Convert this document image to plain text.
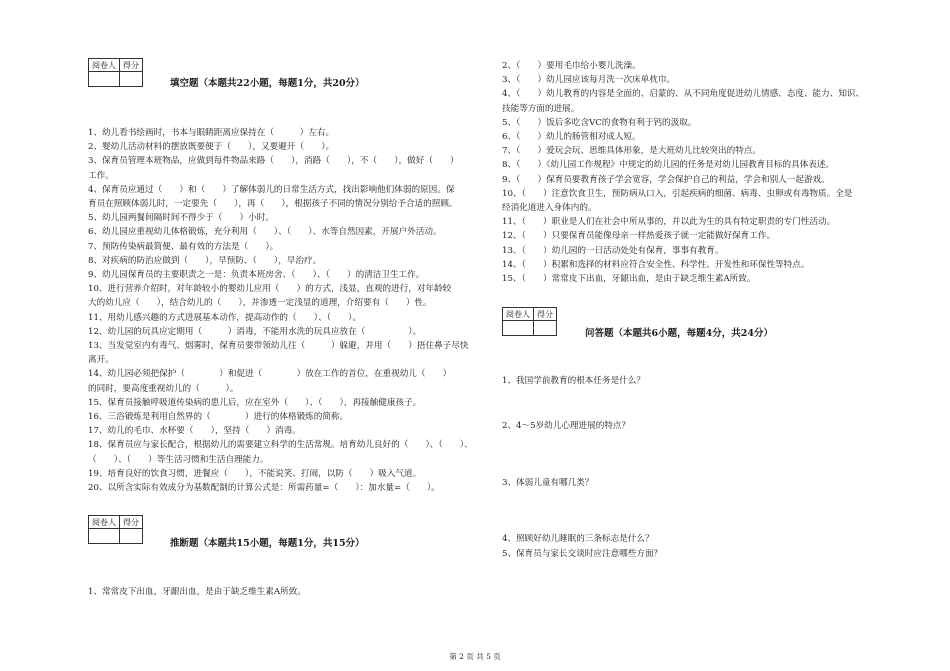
阅卷人	得分

填空题（本题共22小题，每题1分，共20分）
1、幼儿看书绘画时，书本与眼睛距离应保持在（　　　）左右。
2、婴幼儿活动材料的摆放既要便于（　　），又要避开（　　）。
3、保育员管理本班物品，应做到每件物品来路（　　），消路（　　），不（　　），做好（　　）
工作。
4、保育员应通过（　　）和（　　）了解体弱儿的日常生活方式，找出影响他们体弱的原因。保
育员在照顾体弱儿时，一定要先（　　），再（　　），根据孩子不同的情况分别给予合适的照顾。
5、幼儿园两餐间隔时间不得少于（　　）小时。
6、幼儿园应重视幼儿体格锻炼，充分利用（　　）、（　　）、水等自然因素，开展户外活动。
7、预防传染病最简便、最有效的方法是（　　）。
8、对疾病的防治应做到（　　），早预防、（　　），早治疗。
9、幼儿园保育员的主要职责之一是：负责本班房舍、（　　）、（　　）的清洁卫生工作。
10、进行营养介绍时，对年龄较小的婴幼儿应用（　　）的方式，浅显，直观的进行，对年龄较
大的幼儿应（　　），结合幼儿的（　　），并渗透一定浅显的道理，介绍要有（　　）性。
11、用幼儿感兴趣的方式进展基本动作，提高动作的（　　）、（　　）。
12、幼儿园的玩具应定期用（　　　）消毒，不能用水洗的玩具应放在（　　　　　）。
13、当发觉室内有毒气、烟雾时，保育员要带领幼儿往（　　　）躲避，并用（　　）捂住鼻子尽快
离开。
14、幼儿园必须把保护（　　　　）和促进（　　　　）放在工作的首位，在重视幼儿（　　）
的同时，要高度重视幼儿的（　　　）。
15、保育员接触呼吸道传染病的患儿后，应在室外（　　）、（　　），再接触健康孩子。
16、三浴锻炼是利用自然界的（　　　　）进行的体格锻炼的简称。
17、幼儿的毛巾、水杯要（　　），坚持（　　）消毒。
18、保育员应与家长配合，根据幼儿的需要建立科学的生活常规。培育幼儿良好的（　　）、（　　）、
（　　）、（　　）等生活习惯和生活自理能力。
19、培育良好的饮食习惯，进餐应（　　），不能说笑、打闹，以防（　　）吸入气道。
20、以所含实际有效成分为基数配制的计算公式是：所需药量=（　　）：加水量=（　　）。
阅卷人	得分

推断题（本题共15小题，每题1分，共15分）
1、常常皮下出血，牙龈出血，是由于缺乏维生素A所致。
2、（　　）要用毛巾给小婴儿洗澡。
3、（　　）幼儿园应该每月洗一次床单枕巾。
4、（　　）幼儿教育的内容是全面的、启蒙的、从不同角度促进幼儿情感、态度、能力、知识、
技能等方面的进展。
5、（　　）饭后多吃含VC的食物有利于钙的汲取。
6、（　　）幼儿的肠管相对成人短。
7、（　　）爱玩会玩、思维具体形象，是大班幼儿比较突出的特点。
8、（　　）《幼儿园工作规程》中规定的幼儿园的任务是对幼儿园教育目标的具体表述。
9、（　　）保育员要教育孩子学会宽容，学会保护自己的利益，学会和别人一起游戏。
10、（　　）注意饮食卫生，预防病从口入，引起疾病的细菌、病毒、虫卵或有毒物质。全是
经消化道进入身体内的。
11、（　　）职业是人们在社会中所从事的，并以此为生的具有特定职责的专门性活动。
12、（　　）只要保育员能像母亲一样热爱孩子就一定能做好保育工作。
13、（　　）幼儿园的一日活动处处有保育，事事有教育。
14、（　　）积累和选择的材料应符合安全性、科学性、开发性和环保性等特点。
15、（　　）常常皮下出血，牙龈出血，是由于缺乏维生素A所致。
阅卷人	得分

问答题（本题共6小题，每题4分，共24分）
1、我国学前教育的根本任务是什么？
2、4～5岁幼儿心理进展的特点？
3、体弱儿童有哪几类？
4、照顾好幼儿睡眠的三条标志是什么？
5、保育员与家长交谈时应注意哪些方面？
第 2 页 共 5 页
